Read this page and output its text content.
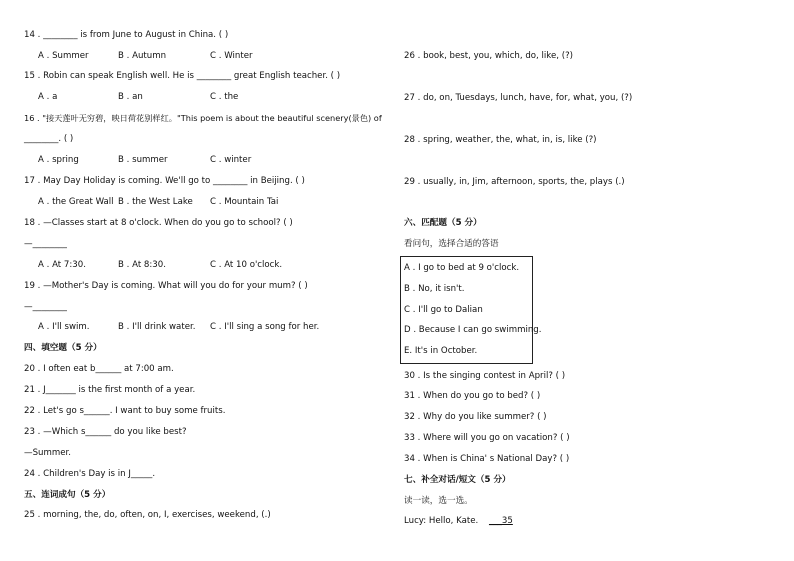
14 . ________ is from June to August in China. ( )
A . Summer	B . Autumn	C . Winter
15 . Robin can speak English well. He is ________ great English teacher. ( )
A . a	B . an	C . the
16 . "接天莲叶无穷碧，映日荷花别样红。"This poem is about the beautiful scenery(景色) of
________. ( )
A . spring	B . summer	C . winter
17 . May Day Holiday is coming. We'll go to ________ in Beijing. ( )
A . the Great Wall B . the West Lake C . Mountain Tai
18 . —Classes start at 8 o'clock. When do you go to school? ( )
—________
A . At 7:30.	B . At 8:30.	C . At 10 o'clock.
19 . —Mother's Day is coming. What will you do for your mum? ( )
—________
A . I'll swim.	B . I'll drink water. C . I'll sing a song for her.
四、填空题（5 分）
20 . I often eat b______ at 7:00 am.
21 . J_______ is the first month of a year.
22 . Let's go s______. I want to buy some fruits.
23 . —Which s______ do you like best?
—Summer.
24 . Children's Day is in J_____.
五、连词成句（5 分）
25 . morning, the, do, often, on, I, exercises, weekend, (.)
26 . book, best, you, which, do, like, (?)
27 . do, on, Tuesdays, lunch, have, for, what, you, (?)
28 . spring, weather, the, what, in, is, like (?)
29 . usually, in, Jim, afternoon, sports, the, plays (.)
六、匹配题（5 分）
看问句，选择合适的答语
A . I go to bed at 9 o'clock.
B . No, it isn't.
C . I'll go to Dalian
D . Because I can go swimming.
E. It's in October.
30 . Is the singing contest in April? ( )
31 . When do you go to bed? ( )
32 . Why do you like summer? ( )
33 . Where will you go on vacation? ( )
34 . When is China' s National Day? ( )
七、补全对话/短文（5 分）
读一读，选一选。
Lucy: Hello, Kate. ___35
